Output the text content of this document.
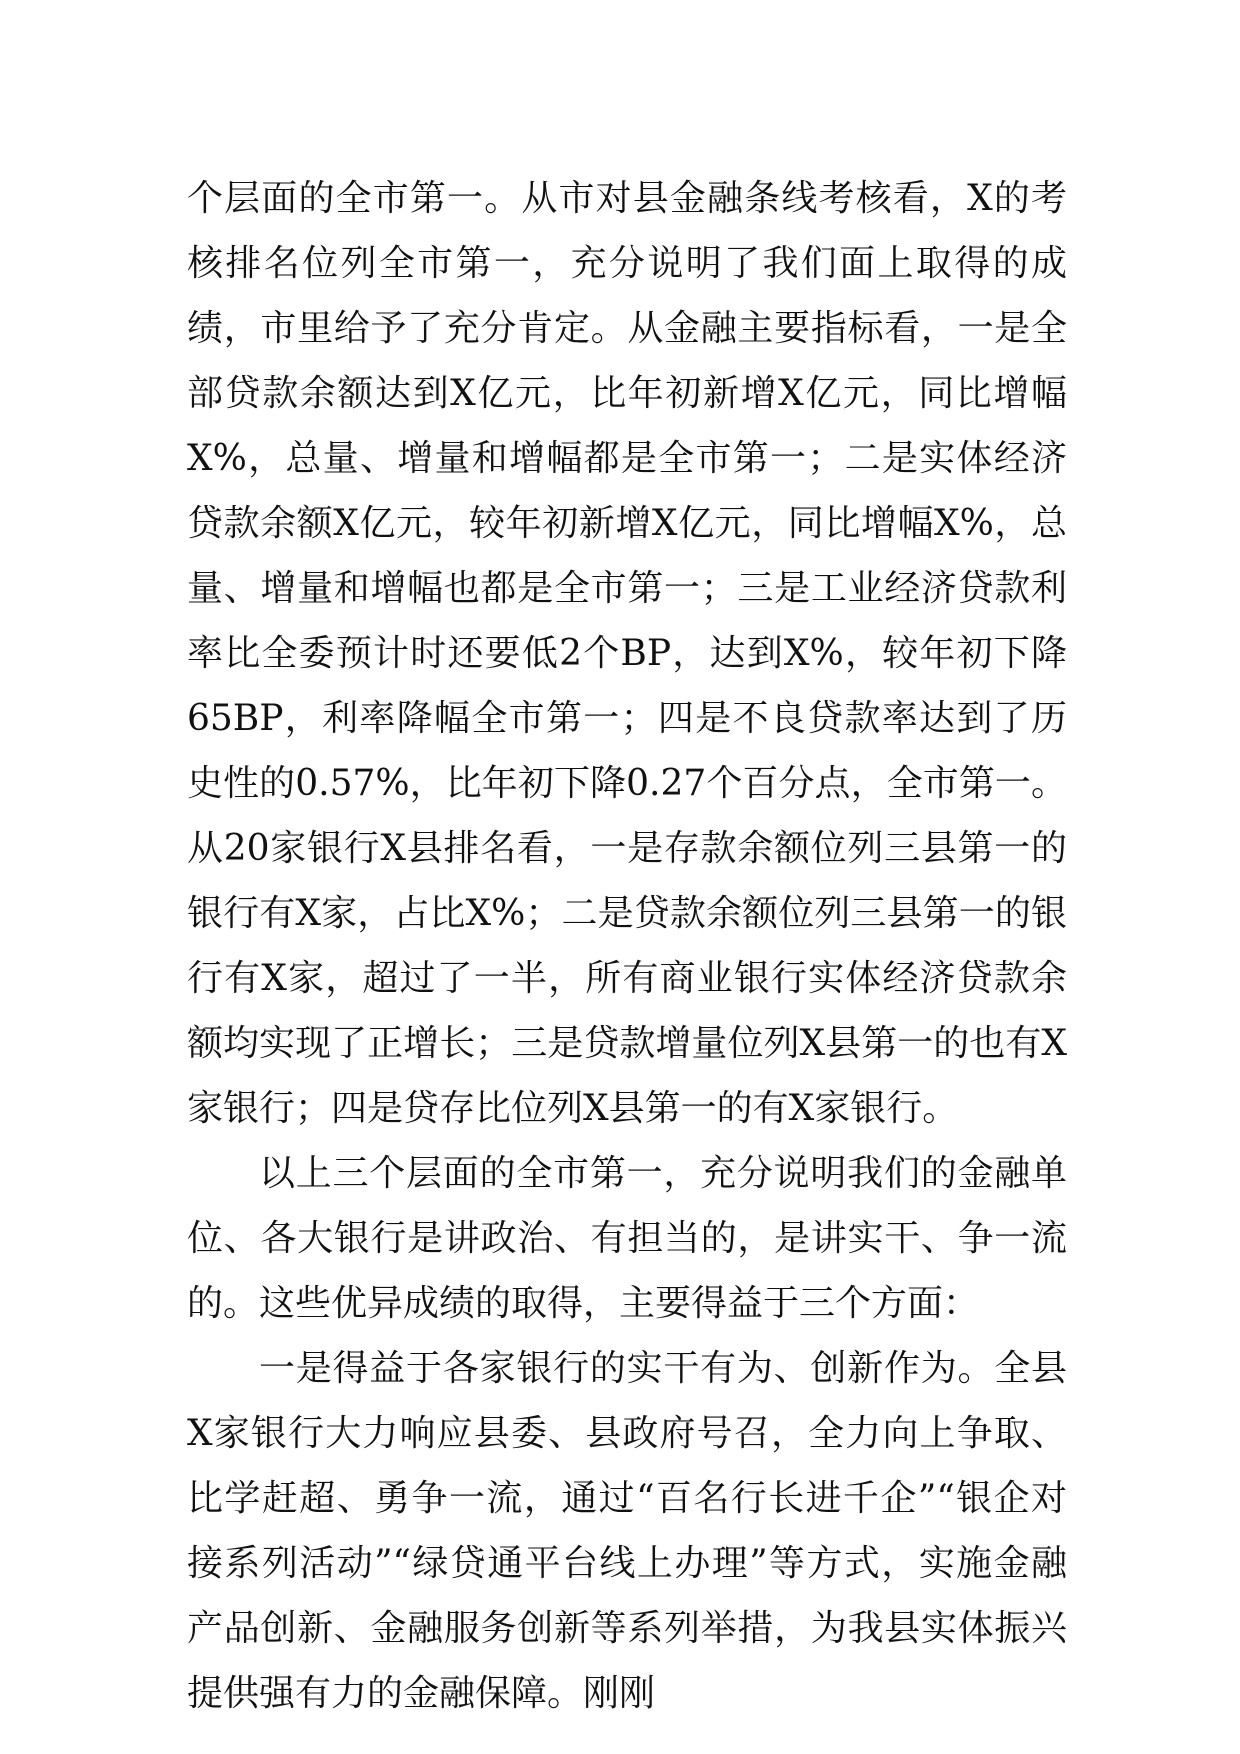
个层面的全市第一。从市对县金融条线考核看，X的考核排名位列全市第一，充分说明了我们面上取得的成绩，市里给予了充分肯定。从金融主要指标看，一是全部贷款余额达到X亿元，比年初新增X亿元，同比增幅X%，总量、增量和增幅都是全市第一；二是实体经济贷款余额X亿元，较年初新增X亿元，同比增幅X%，总量、增量和增幅也都是全市第一；三是工业经济贷款利率比全委预计时还要低2个BP，达到X%，较年初下降65BP，利率降幅全市第一；四是不良贷款率达到了历史性的0.57%，比年初下降0.27个百分点，全市第一。从20家银行X县排名看，一是存款余额位列三县第一的银行有X家，占比X%；二是贷款余额位列三县第一的银行有X家，超过了一半，所有商业银行实体经济贷款余额均实现了正增长；三是贷款增量位列X县第一的也有X家银行；四是贷存比位列X县第一的有X家银行。

以上三个层面的全市第一，充分说明我们的金融单位、各大银行是讲政治、有担当的，是讲实干、争一流的。这些优异成绩的取得，主要得益于三个方面：

一是得益于各家银行的实干有为、创新作为。全县X家银行大力响应县委、县政府号召，全力向上争取、比学赶超、勇争一流，通过“百名行长进千企”“银企对接系列活动”“绿贷通平台线上办理”等方式，实施金融产品创新、金融服务创新等系列举措，为我县实体振兴提供强有力的金融保障。刚刚
